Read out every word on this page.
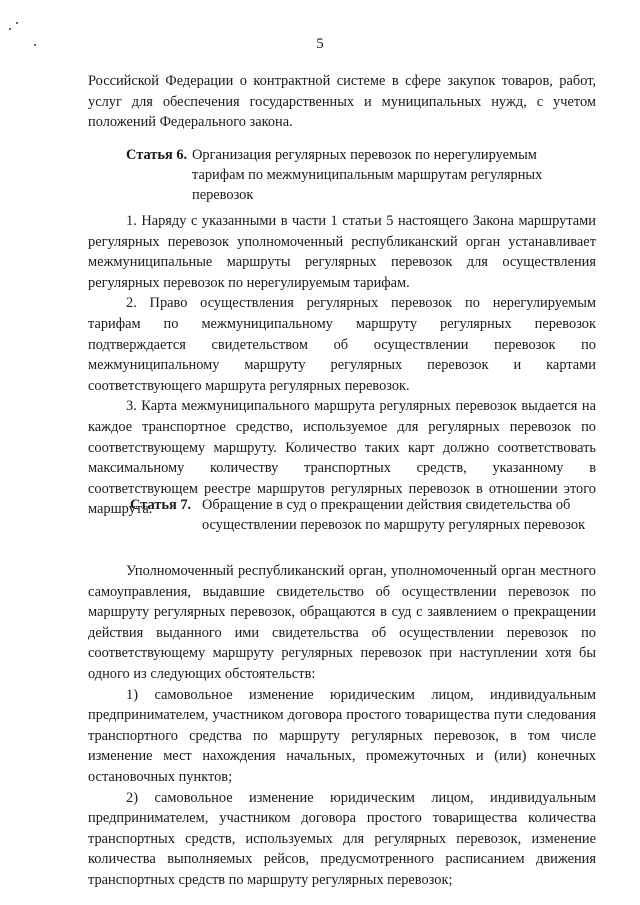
5

Российской Федерации о контрактной системе в сфере закупок товаров, работ, услуг для обеспечения государственных и муниципальных нужд, с учетом положений Федерального закона.

Статья 6. Организация регулярных перевозок по нерегулируемым тарифам по межмуниципальным маршрутам регулярных перевозок

1. Наряду с указанными в части 1 статьи 5 настоящего Закона маршрутами регулярных перевозок уполномоченный республиканский орган устанавливает межмуниципальные маршруты регулярных перевозок для осуществления регулярных перевозок по нерегулируемым тарифам.

2. Право осуществления регулярных перевозок по нерегулируемым тарифам по межмуниципальному маршруту регулярных перевозок подтверждается свидетельством об осуществлении перевозок по межмуниципальному маршруту регулярных перевозок и картами соответствующего маршрута регулярных перевозок.

3. Карта межмуниципального маршрута регулярных перевозок выдается на каждое транспортное средство, используемое для регулярных перевозок по соответствующему маршруту. Количество таких карт должно соответствовать максимальному количеству транспортных средств, указанному в соответствующем реестре маршрутов регулярных перевозок в отношении этого маршрута.

Статья 7. Обращение в суд о прекращении действия свидетельства об осуществлении перевозок по маршруту регулярных перевозок

Уполномоченный республиканский орган, уполномоченный орган местного самоуправления, выдавшие свидетельство об осуществлении перевозок по маршруту регулярных перевозок, обращаются в суд с заявлением о прекращении действия выданного ими свидетельства об осуществлении перевозок по соответствующему маршруту регулярных перевозок при наступлении хотя бы одного из следующих обстоятельств:

1) самовольное изменение юридическим лицом, индивидуальным предпринимателем, участником договора простого товарищества пути следования транспортного средства по маршруту регулярных перевозок, в том числе изменение мест нахождения начальных, промежуточных и (или) конечных остановочных пунктов;

2) самовольное изменение юридическим лицом, индивидуальным предпринимателем, участником договора простого товарищества количества транспортных средств, используемых для регулярных перевозок, изменение количества выполняемых рейсов, предусмотренного расписанием движения транспортных средств по маршруту регулярных перевозок;
